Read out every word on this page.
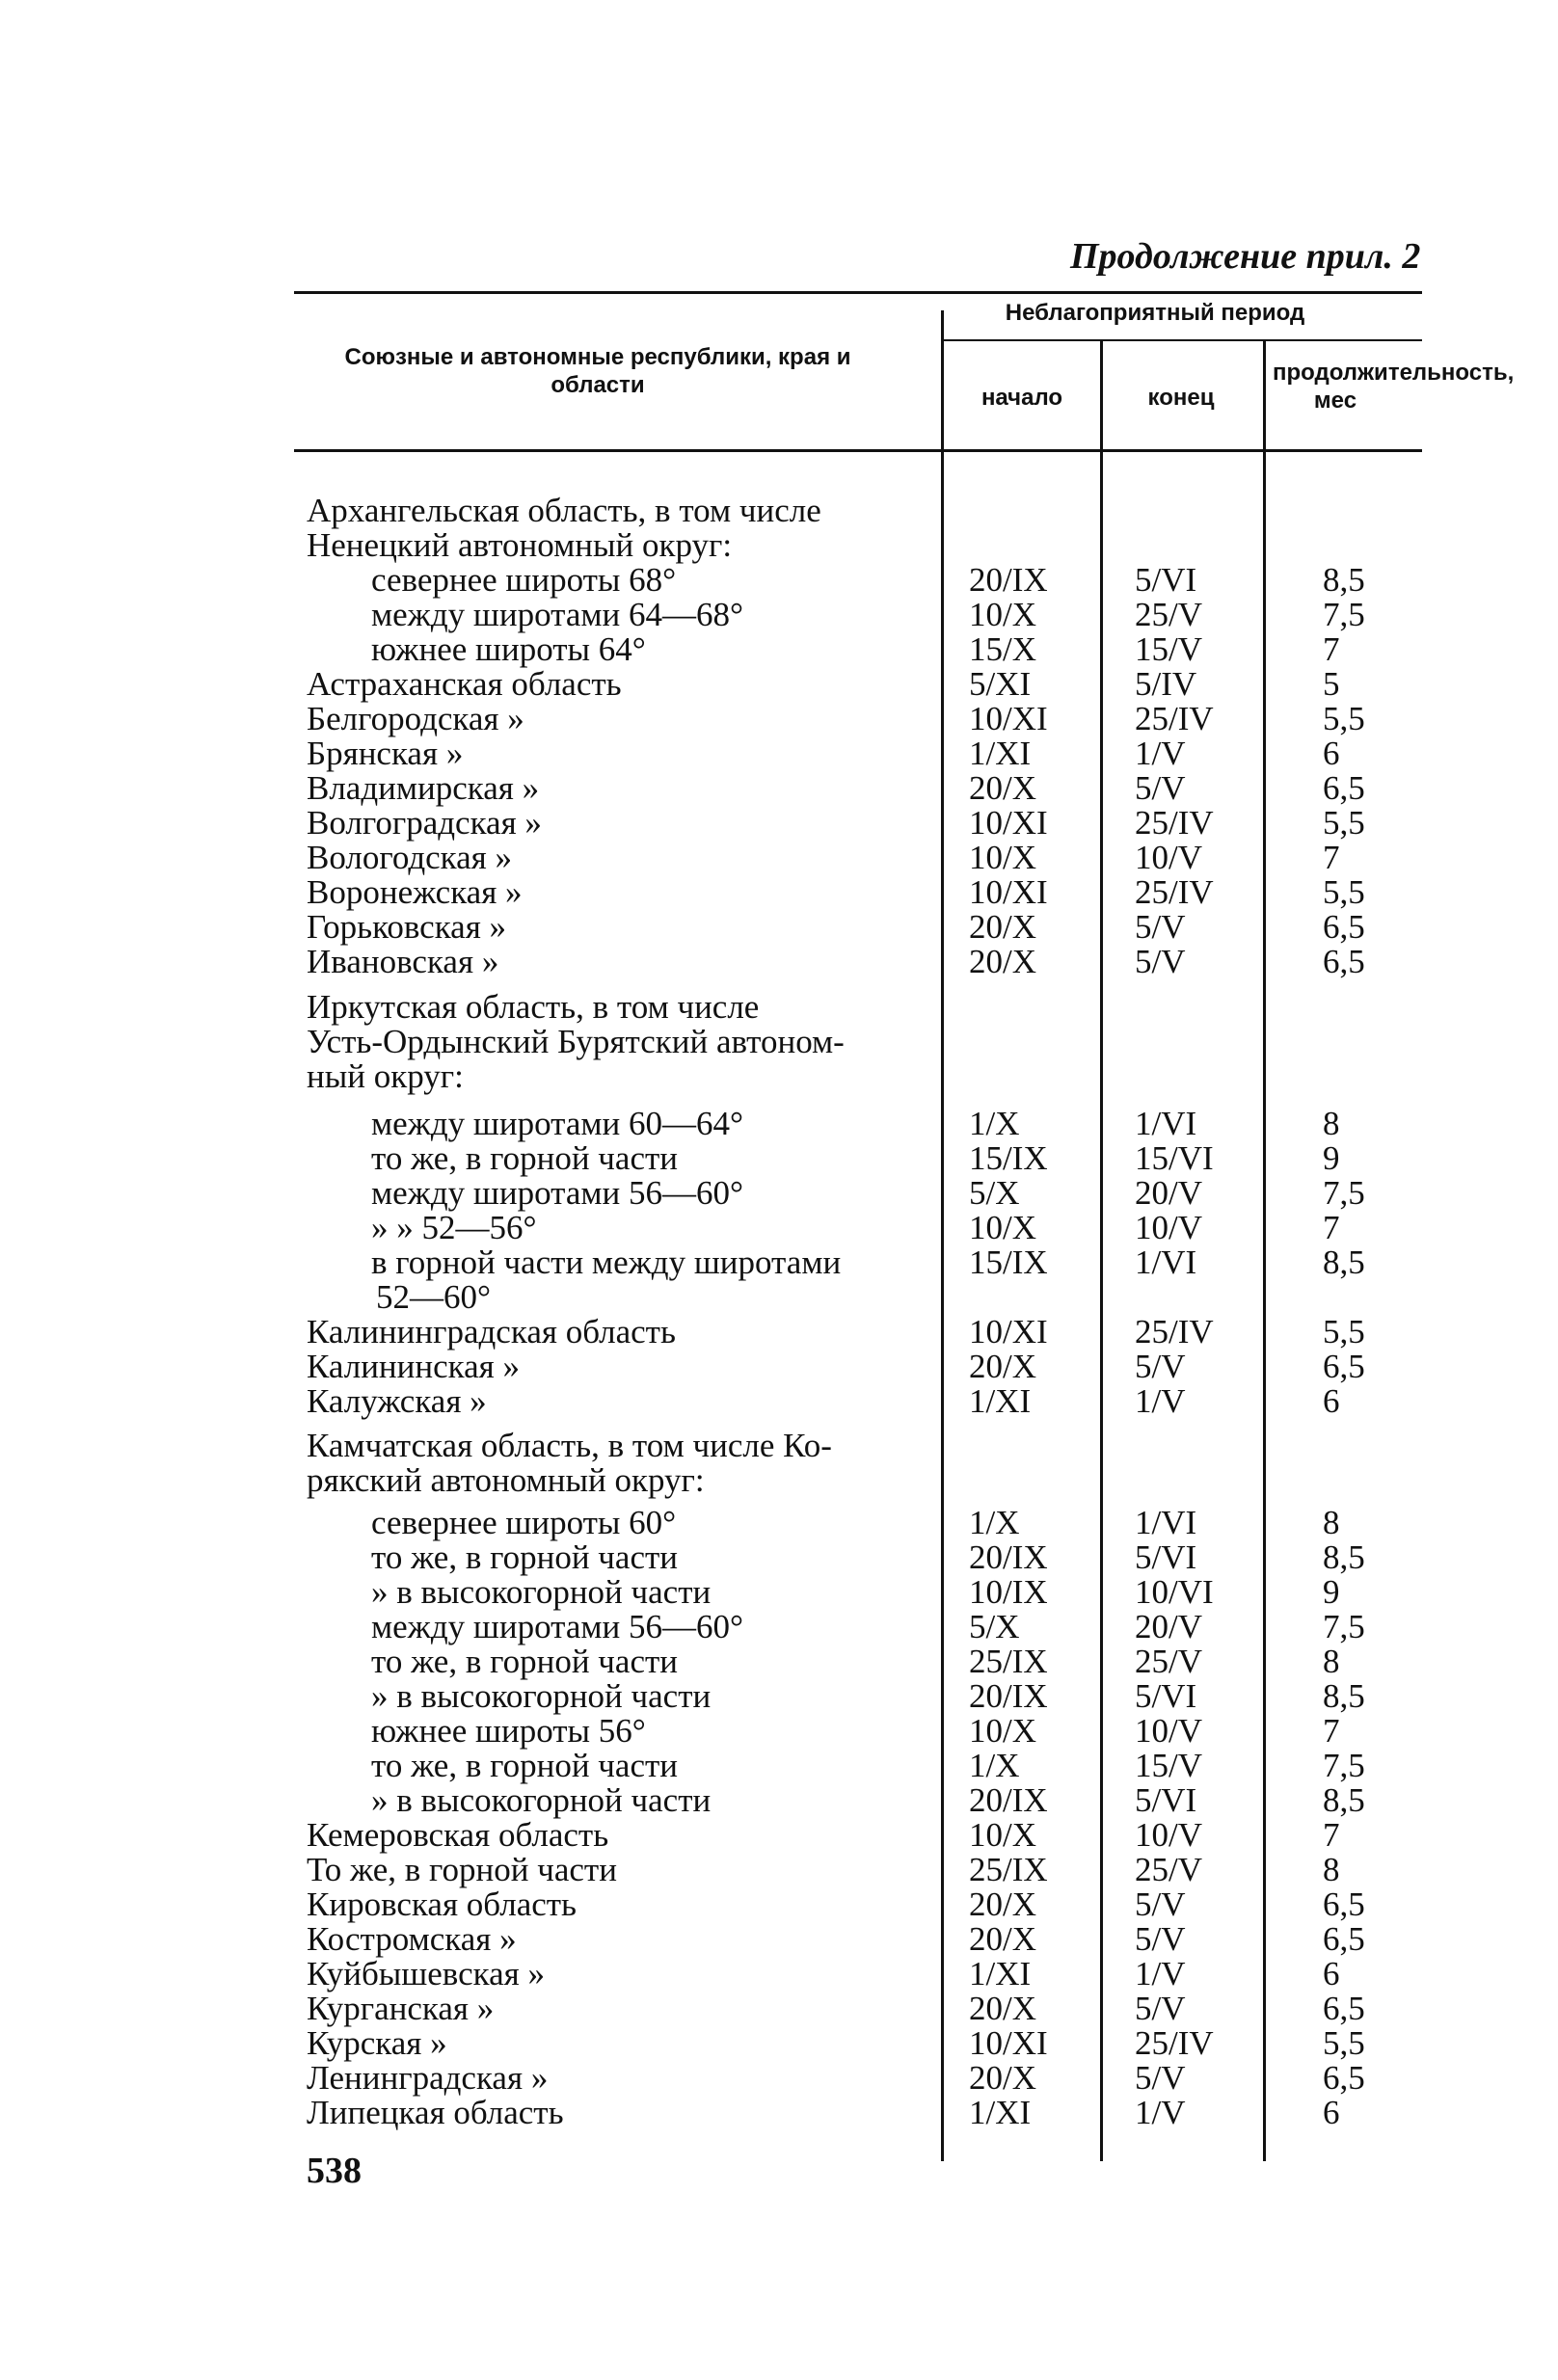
Продолжение прил. 2
Союзные и автономные республики, края и области
Неблагоприятный период
начало	конец
продолжительность, мес
Архангельская область, в том числе
Ненецкий автономный округ:
севернее широты 68°	20/IX	5/VI	8,5
между широтами 64—68°	10/X	25/V	7,5
южнее широты 64°	15/X	15/V	7
Астраханская область	5/XI	5/IV	5
Белгородская »	10/XI	25/IV	5,5
Брянская »	1/XI	1/V	6
Владимирская »	20/X	5/V	6,5
Волгоградская »	10/XI	25/IV	5,5
Вологодская »	10/X	10/V	7
Воронежская »	10/XI	25/IV	5,5
Горьковская »	20/X	5/V	6,5
Ивановская »	20/X	5/V	6,5
Иркутская область, в том числе
Усть-Ордынский Бурятский автоном-
ный округ:
между широтами 60—64°	1/X	1/VI	8
то же, в горной части	15/IX	15/VI	9
между широтами 56—60°	5/X	20/V	7,5
» » 52—56°	10/X	10/V	7
в горной части между широтами	15/IX	1/VI	8,5
52—60°
Калининградская область	10/XI	25/IV	5,5
Калининская »	20/X	5/V	6,5
Калужская »	1/XI	1/V	6
Камчатская область, в том числе Ко-
рякский автономный округ:
севернее широты 60°	1/X	1/VI	8
то же, в горной части	20/IX	5/VI	8,5
» в высокогорной части	10/IX	10/VI	9
между широтами 56—60°	5/X	20/V	7,5
то же, в горной части	25/IX	25/V	8
» в высокогорной части	20/IX	5/VI	8,5
южнее широты 56°	10/X	10/V	7
то же, в горной части	1/X	15/V	7,5
» в высокогорной части	20/IX	5/VI	8,5
Кемеровская область	10/X	10/V	7
То же, в горной части	25/IX	25/V	8
Кировская область	20/X	5/V	6,5
Костромская »	20/X	5/V	6,5
Куйбышевская »	1/XI	1/V	6
Курганская »	20/X	5/V	6,5
Курская »	10/XI	25/IV	5,5
Ленинградская »	20/X	5/V	6,5
Липецкая область	1/XI	1/V	6
538
